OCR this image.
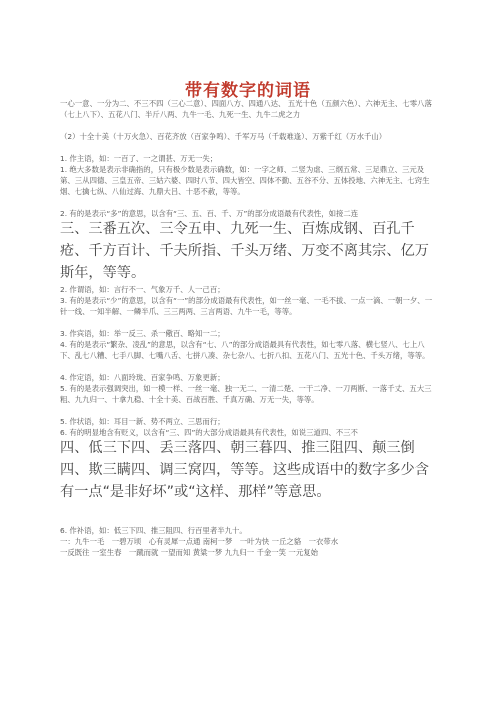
带有数字的词语
一心一意、一分为二、不三不四（三心二意）、四面八方、四通八达、 五光十色（五颜六色）、六神无主、七零八落（七上八下）、五花八门、半斤八两、九牛一毛、九死一生、九牛二虎之力
（2）十全十美（十万火急）、百花齐放（百家争鸣）、千军万马（千载难逢）、万紫千红（万水千山）
1. 作主语，如：一百了、一之谓甚、万无一失；
1. 绝大多数是表示非确指的，只有极少数是表示确数，如：一字之师、二竖为虐、三纲五常、三足鼎立、三元及第、三从四德、三皇五帝、三姑六婆、四时八节、四大皆空、四体不勤、五谷不分、五体投地、六神无主、七窍生烟、七擒七纵、八仙过海、九鼎大吕、十恶不赦，等等。
2. 有的是表示“多”的意思，以含有“三、五、百、千、万”的部分成语最有代表性，如接二连
三、三番五次、三令五申、九死一生、百炼成钢、百孔千疮、千方百计、千夫所指、千头万绪、万变不离其宗、亿万斯年，等等。
2. 作谓语，如：言行不一、气象万千、人一己百；
3. 有的是表示“少”的意思，以含有“一”的部分成语最有代表性，如一丝一毫、一毛不拔、一点一滴、一朝一夕、一针一线、一知半解、一鳞半爪、三三两两、三言两语、九牛一毛，等等。
3. 作宾语，如：举一反三、杀一儆百、略知一二；
4. 有的是表示“繁杂、凌乱”的意思，以含有“七、八”的部分成语最具有代表性，如七零八落、横七竖八、七上八下、乱七八糟、七手八脚、七嘴八舌、七拼八凑、杂七杂八、七折八扣、五花八门、五光十色、千头万绪，等等。
4. 作定语，如：八面玲珑、百家争鸣、万象更新；
5. 有的是表示强调突出，如一模一样、一丝一毫、独一无二、一清二楚、一干二净、一刀两断、一落千丈、五大三粗、九九归一、十拿九稳、十全十美、百战百胜、千真万确、万无一失，等等。
5. 作状语，如：耳目一新、势不两立、三思而行；
6. 有的明显地含有贬义，以含有“三、四”的大部分成语最具有代表性，如说三道四、不三不
四、低三下四、丢三落四、朝三暮四、推三阻四、颠三倒四、欺三瞒四、调三窝四，等等。这些成语中的数字多少含有一点“是非好坏”或“这样、那样”等意思。
6. 作补语，如：低三下四、推三阻四、行百里者半九十。
一：九牛一毛　一碧万顷　心有灵犀一点通 南柯一梦　一叶为快 一丘之貉　一衣带水
一反既往 一室生春　一蹴而就 一望而知 黄粱一梦 九九归一 千金一笑 一元复始
